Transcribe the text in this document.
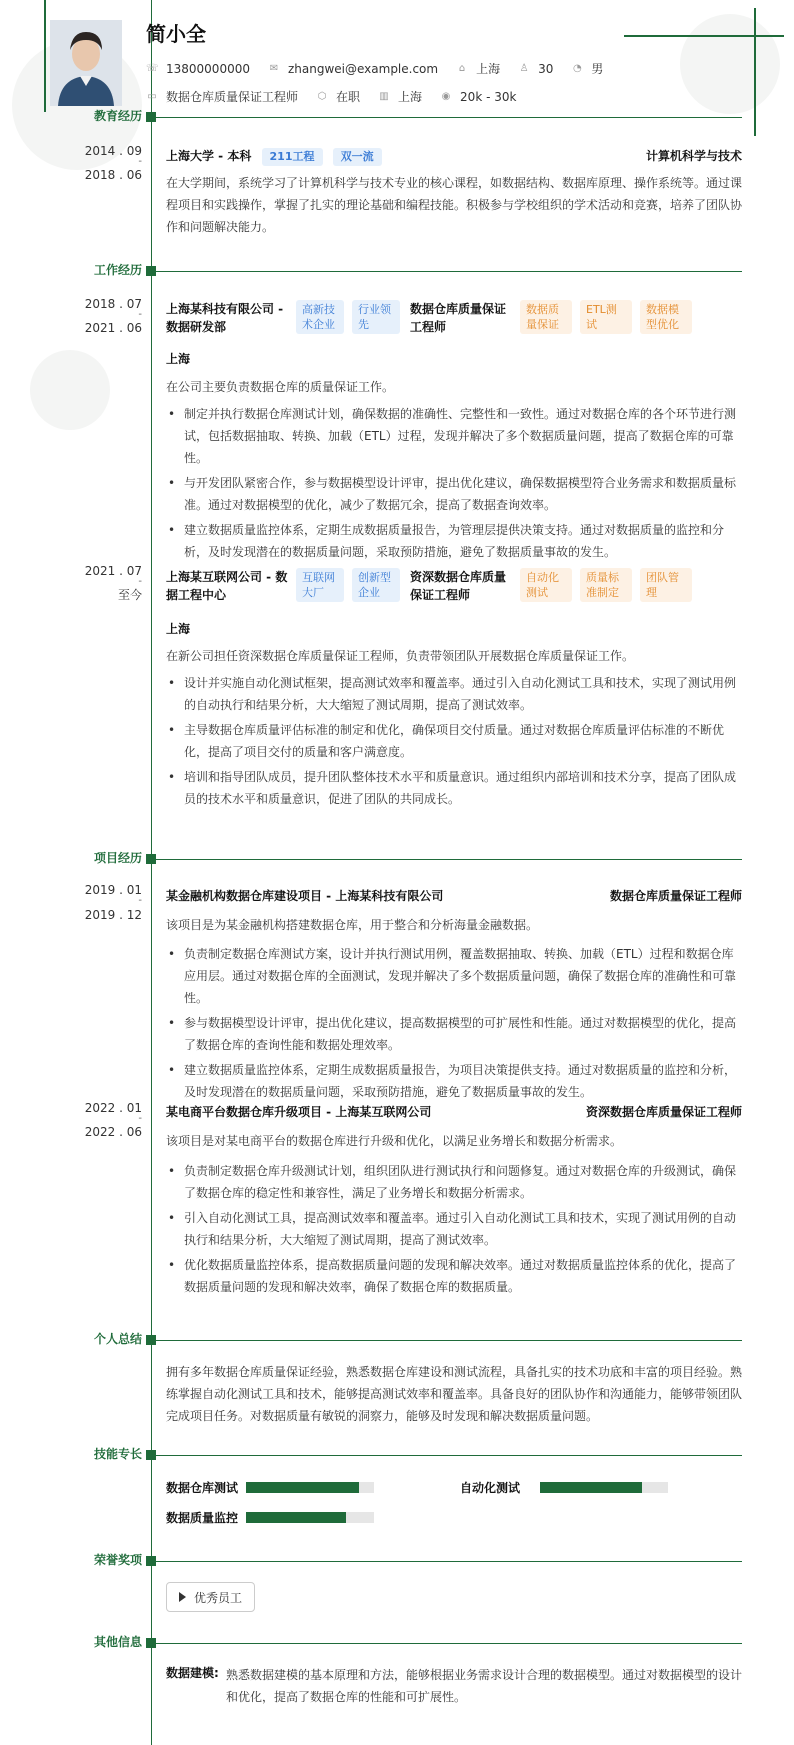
简小全
☏ 13800000000 ✉ zhangwei@example.com ⌂ 上海 ♙ 30 ◔ 男
▭ 数据仓库质量保证工程师 ⬡ 在职 ▥ 上海 ◉ 20k - 30k
教育经历
2014 . 09
-
2018 . 06
上海大学 - 本科 211工程 双一流	计算机科学与技术
在大学期间，系统学习了计算机科学与技术专业的核心课程，如数据结构、数据库原理、操作系统等。通过课程项目和实践操作，掌握了扎实的理论基础和编程技能。积极参与学校组织的学术活动和竞赛，培养了团队协作和问题解决能力。
工作经历
2018 . 07
-
2021 . 06
上海某科技有限公司 - 数据研发部
高新技术企业
行业领先
数据仓库质量保证工程师
数据质量保证
ETL测试
数据模型优化
上海
在公司主要负责数据仓库的质量保证工作。
• 制定并执行数据仓库测试计划，确保数据的准确性、完整性和一致性。通过对数据仓库的各个环节进行测试，包括数据抽取、转换、加载（ETL）过程，发现并解决了多个数据质量问题，提高了数据仓库的可靠性。
• 与开发团队紧密合作，参与数据模型设计评审，提出优化建议，确保数据模型符合业务需求和数据质量标准。通过对数据模型的优化，减少了数据冗余，提高了数据查询效率。
• 建立数据质量监控体系，定期生成数据质量报告，为管理层提供决策支持。通过对数据质量的监控和分析，及时发现潜在的数据质量问题，采取预防措施，避免了数据质量事故的发生。
2021 . 07
-
至今
上海某互联网公司 - 数据工程中心
互联网大厂
创新型企业
资深数据仓库质量保证工程师
自动化测试
质量标准制定
团队管理
上海
在新公司担任资深数据仓库质量保证工程师，负责带领团队开展数据仓库质量保证工作。
• 设计并实施自动化测试框架，提高测试效率和覆盖率。通过引入自动化测试工具和技术，实现了测试用例的自动执行和结果分析，大大缩短了测试周期，提高了测试效率。
• 主导数据仓库质量评估标准的制定和优化，确保项目交付质量。通过对数据仓库质量评估标准的不断优化，提高了项目交付的质量和客户满意度。
• 培训和指导团队成员，提升团队整体技术水平和质量意识。通过组织内部培训和技术分享，提高了团队成员的技术水平和质量意识，促进了团队的共同成长。
项目经历
2019 . 01
-
2019 . 12
某金融机构数据仓库建设项目 - 上海某科技有限公司	数据仓库质量保证工程师
该项目是为某金融机构搭建数据仓库，用于整合和分析海量金融数据。
• 负责制定数据仓库测试方案，设计并执行测试用例，覆盖数据抽取、转换、加载（ETL）过程和数据仓库应用层。通过对数据仓库的全面测试，发现并解决了多个数据质量问题，确保了数据仓库的准确性和可靠性。
• 参与数据模型设计评审，提出优化建议，提高数据模型的可扩展性和性能。通过对数据模型的优化，提高了数据仓库的查询性能和数据处理效率。
• 建立数据质量监控体系，定期生成数据质量报告，为项目决策提供支持。通过对数据质量的监控和分析，及时发现潜在的数据质量问题，采取预防措施，避免了数据质量事故的发生。
2022 . 01
-
2022 . 06
某电商平台数据仓库升级项目 - 上海某互联网公司	资深数据仓库质量保证工程师
该项目是对某电商平台的数据仓库进行升级和优化，以满足业务增长和数据分析需求。
• 负责制定数据仓库升级测试计划，组织团队进行测试执行和问题修复。通过对数据仓库的升级测试，确保了数据仓库的稳定性和兼容性，满足了业务增长和数据分析需求。
• 引入自动化测试工具，提高测试效率和覆盖率。通过引入自动化测试工具和技术，实现了测试用例的自动执行和结果分析，大大缩短了测试周期，提高了测试效率。
• 优化数据质量监控体系，提高数据质量问题的发现和解决效率。通过对数据质量监控体系的优化，提高了数据质量问题的发现和解决效率，确保了数据仓库的数据质量。
个人总结
拥有多年数据仓库质量保证经验，熟悉数据仓库建设和测试流程，具备扎实的技术功底和丰富的项目经验。熟练掌握自动化测试工具和技术，能够提高测试效率和覆盖率。具备良好的团队协作和沟通能力，能够带领团队完成项目任务。对数据质量有敏锐的洞察力，能够及时发现和解决数据质量问题。
技能专长
数据仓库测试	自动化测试
数据质量监控
荣誉奖项
优秀员工
其他信息
数据建模: 熟悉数据建模的基本原理和方法，能够根据业务需求设计合理的数据模型。通过对数据模型的设计和优化，提高了数据仓库的性能和可扩展性。
